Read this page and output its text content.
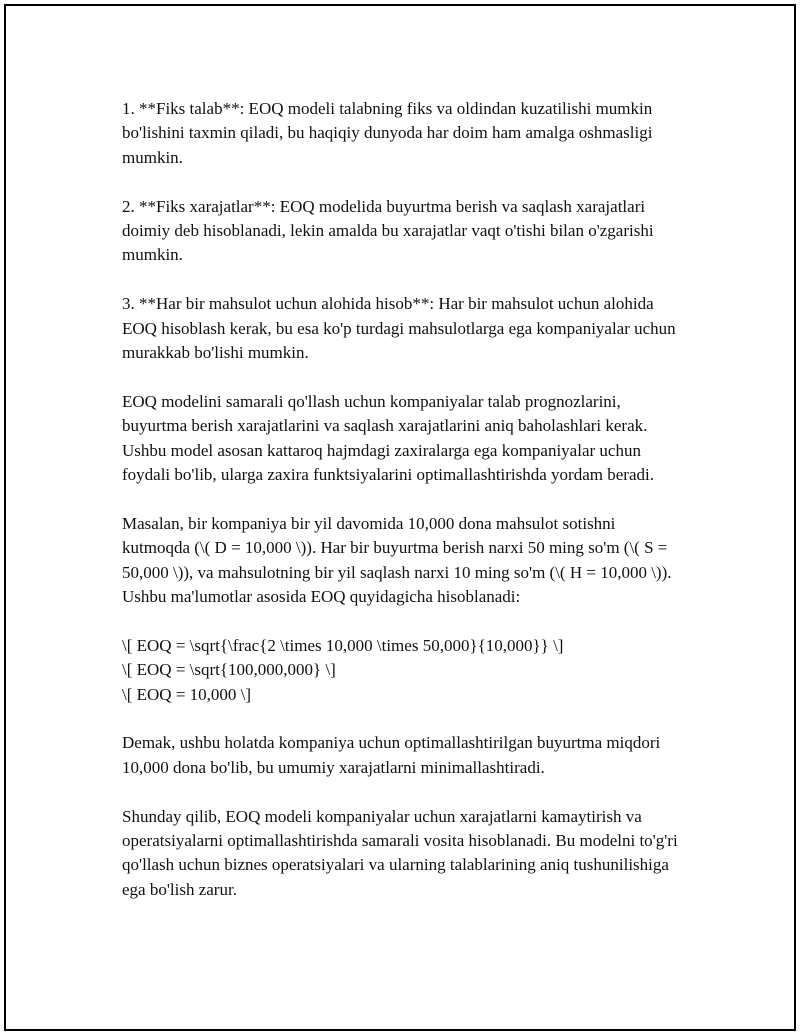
1. **Fiks talab**: EOQ modeli talabning fiks va oldindan kuzatilishi mumkin bo'lishini taxmin qiladi, bu haqiqiy dunyoda har doim ham amalga oshmasligi mumkin.

2. **Fiks xarajatlar**: EOQ modelida buyurtma berish va saqlash xarajatlari doimiy deb hisoblanadi, lekin amalda bu xarajatlar vaqt o'tishi bilan o'zgarishi mumkin.

3. **Har bir mahsulot uchun alohida hisob**: Har bir mahsulot uchun alohida EOQ hisoblash kerak, bu esa ko'p turdagi mahsulotlarga ega kompaniyalar uchun murakkab bo'lishi mumkin.

EOQ modelini samarali qo'llash uchun kompaniyalar talab prognozlarini, buyurtma berish xarajatlarini va saqlash xarajatlarini aniq baholashlari kerak. Ushbu model asosan kattaroq hajmdagi zaxiralarga ega kompaniyalar uchun foydali bo'lib, ularga zaxira funktsiyalarini optimallashtirishda yordam beradi.

Masalan, bir kompaniya bir yil davomida 10,000 dona mahsulot sotishni kutmoqda (\( D = 10,000 \)). Har bir buyurtma berish narxi 50 ming so'm (\( S = 50,000 \)), va mahsulotning bir yil saqlash narxi 10 ming so'm (\( H = 10,000 \)). Ushbu ma'lumotlar asosida EOQ quyidagicha hisoblanadi:

\[ EOQ = \sqrt{\frac{2 \times 10,000 \times 50,000}{10,000}} \]
\[ EOQ = \sqrt{100,000,000} \]
\[ EOQ = 10,000 \]

Demak, ushbu holatda kompaniya uchun optimallashtirilgan buyurtma miqdori 10,000 dona bo'lib, bu umumiy xarajatlarni minimallashtiradi.

Shunday qilib, EOQ modeli kompaniyalar uchun xarajatlarni kamaytirish va operatsiyalarni optimallashtirishda samarali vosita hisoblanadi. Bu modelni to'g'ri qo'llash uchun biznes operatsiyalari va ularning talablarining aniq tushunilishiga ega bo'lish zarur.
